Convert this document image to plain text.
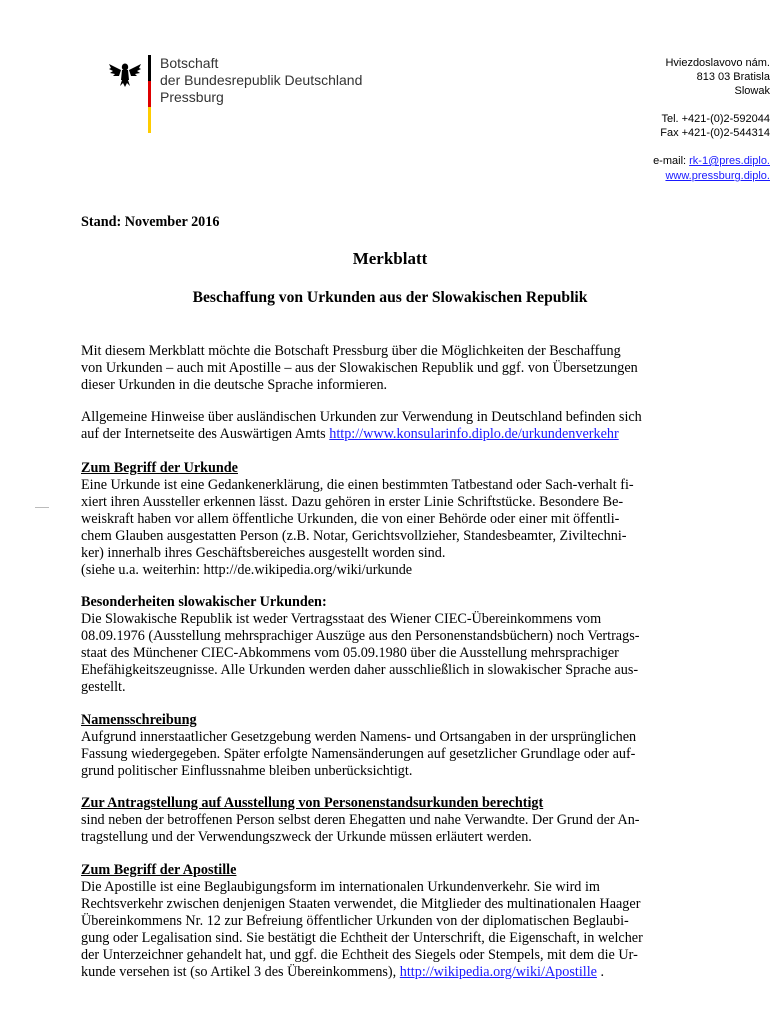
Botschaft
der Bundesrepublik Deutschland
Pressburg
Hviezdoslavovo nám.
813 03 Bratisla
Slowak
Tel. +421-(0)2-592044
Fax +421-(0)2-544314
e-mail: rk-1@pres.diplo.
www.pressburg.diplo.
Stand: November 2016
Merkblatt
Beschaffung von Urkunden aus der Slowakischen Republik
Mit diesem Merkblatt möchte die Botschaft Pressburg über die Möglichkeiten der Beschaffung
von Urkunden – auch mit Apostille – aus der Slowakischen Republik und ggf. von Übersetzungen
dieser Urkunden in die deutsche Sprache informieren.
Allgemeine Hinweise über ausländischen Urkunden zur Verwendung in Deutschland befinden sich
auf der Internetseite des Auswärtigen Amts http://www.konsularinfo.diplo.de/urkundenverkehr
Zum Begriff der Urkunde
Eine Urkunde ist eine Gedankenerklärung, die einen bestimmten Tatbestand oder Sach-verhalt fi-
xiert ihren Aussteller erkennen lässt. Dazu gehören in erster Linie Schriftstücke. Besondere Be-
weiskraft haben vor allem öffentliche Urkunden, die von einer Behörde oder einer mit öffentli-
chem Glauben ausgestatten Person (z.B. Notar, Gerichtsvollzieher, Standesbeamter, Ziviltechni-
ker) innerhalb ihres Geschäftsbereiches ausgestellt worden sind.
(siehe u.a. weiterhin: http://de.wikipedia.org/wiki/urkunde
Besonderheiten slowakischer Urkunden:
Die Slowakische Republik ist weder Vertragsstaat des Wiener CIEC-Übereinkommens vom
08.09.1976 (Ausstellung mehrsprachiger Auszüge aus den Personenstandsbüchern) noch Vertrags-
staat des Münchener CIEC-Abkommens vom 05.09.1980 über die Ausstellung mehrsprachiger
Ehefähigkeitszeugnisse. Alle Urkunden werden daher ausschließlich in slowakischer Sprache aus-
gestellt.
Namensschreibung
Aufgrund innerstaatlicher Gesetzgebung werden Namens- und Ortsangaben in der ursprünglichen
Fassung wiedergegeben. Später erfolgte Namensänderungen auf gesetzlicher Grundlage oder auf-
grund politischer Einflussnahme bleiben unberücksichtigt.
Zur Antragstellung auf Ausstellung von Personenstandsurkunden berechtigt
sind neben der betroffenen Person selbst deren Ehegatten und nahe Verwandte. Der Grund der An-
tragstellung und der Verwendungszweck der Urkunde müssen erläutert werden.
Zum Begriff der Apostille
Die Apostille ist eine Beglaubigungsform im internationalen Urkundenverkehr. Sie wird im
Rechtsverkehr zwischen denjenigen Staaten verwendet, die Mitglieder des multinationalen Haager
Übereinkommens Nr. 12 zur Befreiung öffentlicher Urkunden von der diplomatischen Beglaubi-
gung oder Legalisation sind. Sie bestätigt die Echtheit der Unterschrift, die Eigenschaft, in welcher
der Unterzeichner gehandelt hat, und ggf. die Echtheit des Siegels oder Stempels, mit dem die Ur-
kunde versehen ist (so Artikel 3 des Übereinkommens), http://wikipedia.org/wiki/Apostille .
